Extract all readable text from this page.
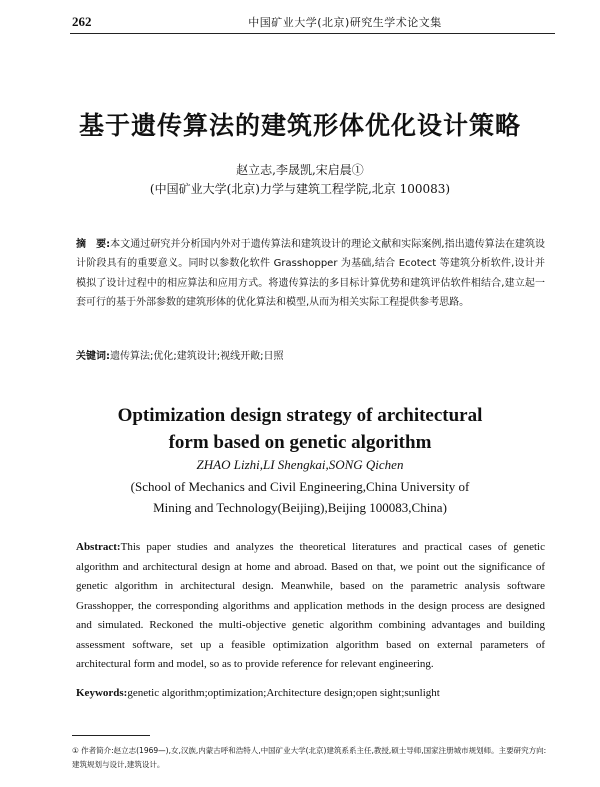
262	中国矿业大学(北京)研究生学术论文集
基于遗传算法的建筑形体优化设计策略
赵立志,李晟凯,宋启晨①
(中国矿业大学(北京)力学与建筑工程学院,北京 100083)
摘　要:本文通过研究并分析国内外对于遗传算法和建筑设计的理论文献和实际案例,指出遗传算法在建筑设计阶段具有的重要意义。同时以参数化软件 Grasshopper 为基础,结合 Ecotect 等建筑分析软件,设计并模拟了设计过程中的相应算法和应用方式。将遗传算法的多目标计算优势和建筑评估软件相结合,建立起一套可行的基于外部参数的建筑形体的优化算法和模型,从而为相关实际工程提供参考思路。
关键词:遗传算法;优化;建筑设计;视线开敞;日照
Optimization design strategy of architectural
form based on genetic algorithm
ZHAO Lizhi,LI Shengkai,SONG Qichen
(School of Mechanics and Civil Engineering,China University of
Mining and Technology(Beijing),Beijing 100083,China)
Abstract:This paper studies and analyzes the theoretical literatures and practical cases of genetic algorithm and architectural design at home and abroad. Based on that, we point out the significance of genetic algorithm in architectural design. Meanwhile, based on the parametric analysis software Grasshopper, the corresponding algorithms and application methods in the design process are designed and simulated. Reckoned the multi-objective genetic algorithm combining advantages and building assessment software, set up a feasible optimization algorithm based on external parameters of architectural form and model, so as to provide reference for relevant engineering.
Keywords:genetic algorithm;optimization;Architecture design;open sight;sunlight
① 作者简介:赵立志(1969—),女,汉族,内蒙古呼和浩特人,中国矿业大学(北京)建筑系系主任,教授,硕士导师,国家注册城市规划师。主要研究方向:建筑规划与设计,建筑设计。
